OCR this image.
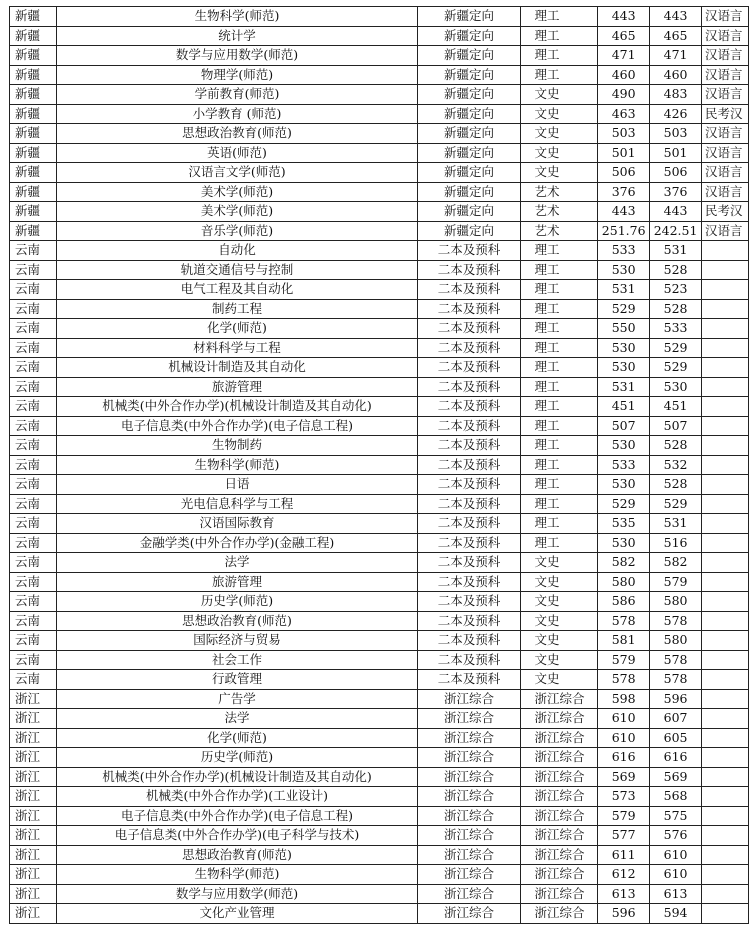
新疆	生物科学(师范)	新疆定向	理工	443	443	汉语言
新疆	统计学	新疆定向	理工	465	465	汉语言
新疆	数学与应用数学(师范)	新疆定向	理工	471	471	汉语言
新疆	物理学(师范)	新疆定向	理工	460	460	汉语言
新疆	学前教育(师范)	新疆定向	文史	490	483	汉语言
新疆	小学教育 (师范)	新疆定向	文史	463	426	民考汉
新疆	思想政治教育(师范)	新疆定向	文史	503	503	汉语言
新疆	英语(师范)	新疆定向	文史	501	501	汉语言
新疆	汉语言文学(师范)	新疆定向	文史	506	506	汉语言
新疆	美术学(师范)	新疆定向	艺术	376	376	汉语言
新疆	美术学(师范)	新疆定向	艺术	443	443	民考汉
新疆	音乐学(师范)	新疆定向	艺术	251.76	242.51	汉语言
云南	自动化	二本及预科	理工	533	531	
云南	轨道交通信号与控制	二本及预科	理工	530	528	
云南	电气工程及其自动化	二本及预科	理工	531	523	
云南	制药工程	二本及预科	理工	529	528	
云南	化学(师范)	二本及预科	理工	550	533	
云南	材料科学与工程	二本及预科	理工	530	529	
云南	机械设计制造及其自动化	二本及预科	理工	530	529	
云南	旅游管理	二本及预科	理工	531	530	
云南	机械类(中外合作办学)(机械设计制造及其自动化)	二本及预科	理工	451	451	
云南	电子信息类(中外合作办学)(电子信息工程)	二本及预科	理工	507	507	
云南	生物制药	二本及预科	理工	530	528	
云南	生物科学(师范)	二本及预科	理工	533	532	
云南	日语	二本及预科	理工	530	528	
云南	光电信息科学与工程	二本及预科	理工	529	529	
云南	汉语国际教育	二本及预科	理工	535	531	
云南	金融学类(中外合作办学)(金融工程)	二本及预科	理工	530	516	
云南	法学	二本及预科	文史	582	582	
云南	旅游管理	二本及预科	文史	580	579	
云南	历史学(师范)	二本及预科	文史	586	580	
云南	思想政治教育(师范)	二本及预科	文史	578	578	
云南	国际经济与贸易	二本及预科	文史	581	580	
云南	社会工作	二本及预科	文史	579	578	
云南	行政管理	二本及预科	文史	578	578	
浙江	广告学	浙江综合	浙江综合	598	596	
浙江	法学	浙江综合	浙江综合	610	607	
浙江	化学(师范)	浙江综合	浙江综合	610	605	
浙江	历史学(师范)	浙江综合	浙江综合	616	616	
浙江	机械类(中外合作办学)(机械设计制造及其自动化)	浙江综合	浙江综合	569	569	
浙江	机械类(中外合作办学)(工业设计)	浙江综合	浙江综合	573	568	
浙江	电子信息类(中外合作办学)(电子信息工程)	浙江综合	浙江综合	579	575	
浙江	电子信息类(中外合作办学)(电子科学与技术)	浙江综合	浙江综合	577	576	
浙江	思想政治教育(师范)	浙江综合	浙江综合	611	610	
浙江	生物科学(师范)	浙江综合	浙江综合	612	610	
浙江	数学与应用数学(师范)	浙江综合	浙江综合	613	613	
浙江	文化产业管理	浙江综合	浙江综合	596	594	
